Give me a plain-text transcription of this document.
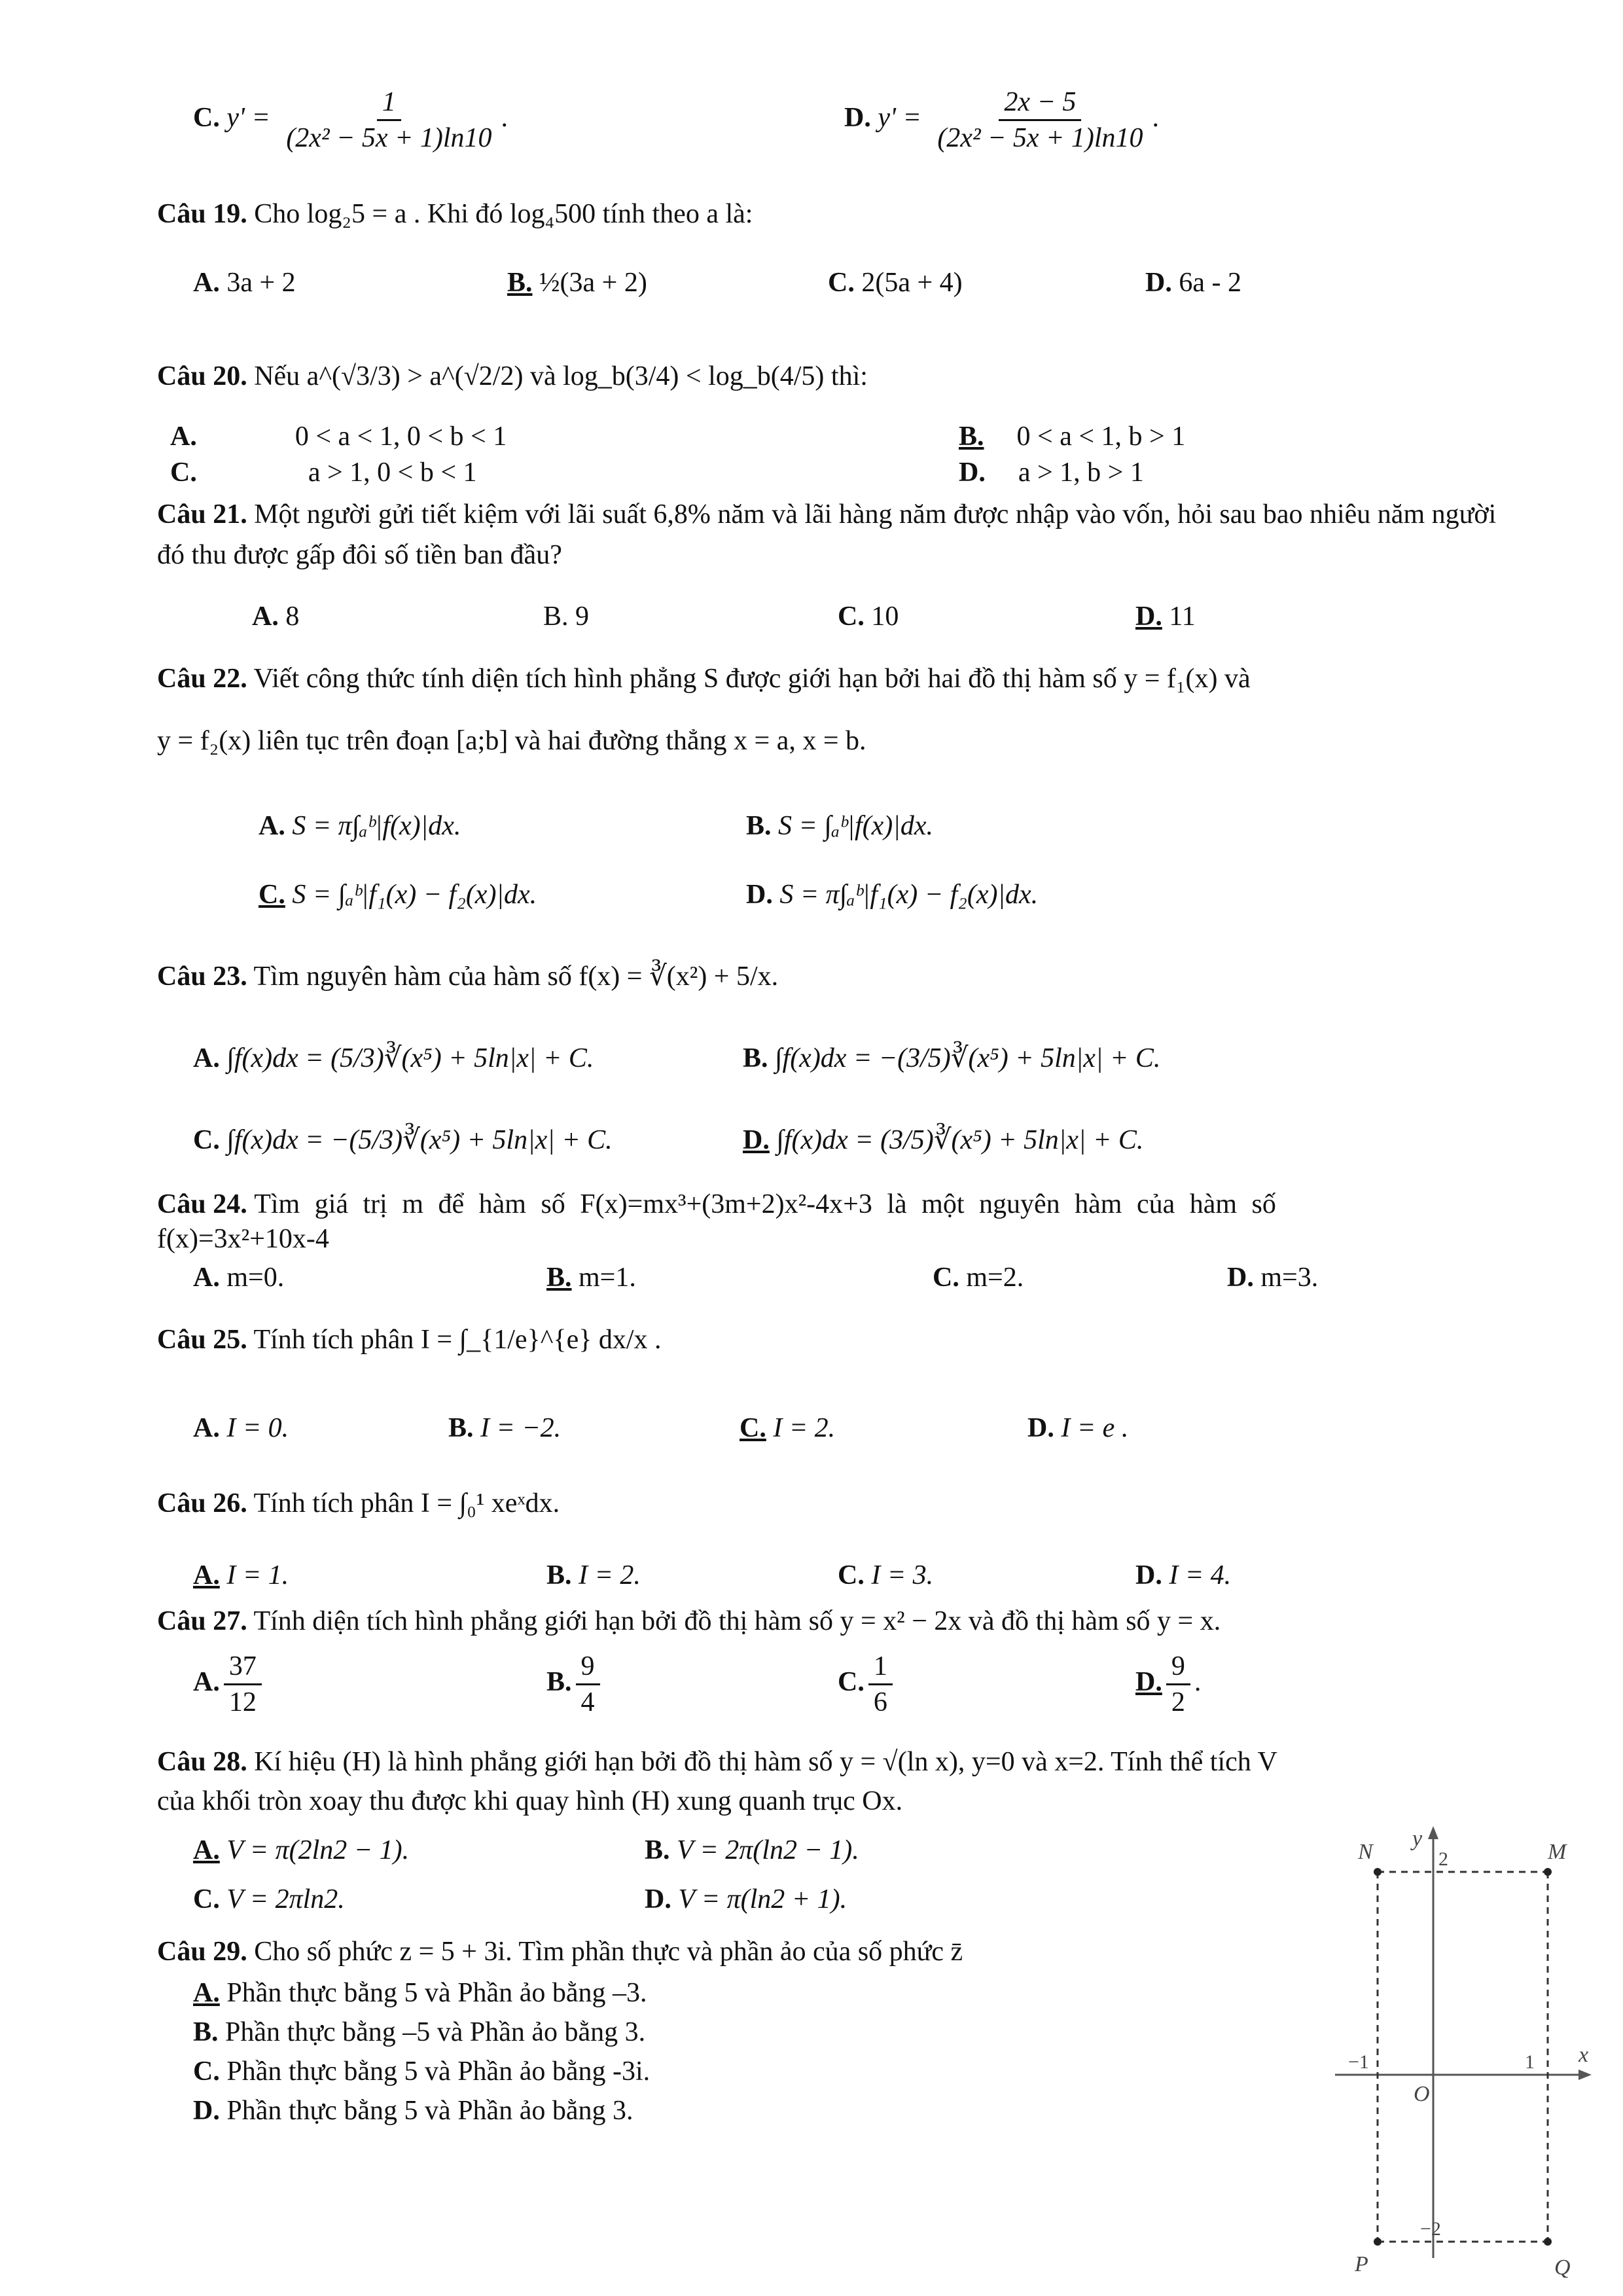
C. $y' = \frac{1}{\text{(2x² − 5x + 1)ln10}}$ .	D. $y' = \frac{2x - 5}{\text{(2x² − 5x + 1)ln10}}$ .
Câu 19. Cho log₂5 = a . Khi đó log₄500 tính theo a là:
A. 3a + 2	B. ½(3a + 2)	C. 2(5a + 4)	D. 6a - 2
Câu 20. Nếu a^(√3/3) > a^(√2/2) và log_b(3/4) < log_b(4/5) thì:
A.	0 < a < 1, 0 < b < 1	B. 0 < a < 1, b > 1
C.	a > 1, 0 < b < 1	D. a > 1, b > 1
Câu 21. Một người gửi tiết kiệm với lãi suất 6,8% năm và lãi hàng năm được nhập vào vốn, hỏi sau bao nhiêu năm người đó thu được gấp đôi số tiền ban đầu?
A. 8	B. 9	C. 10	D. 11
Câu 22. Viết công thức tính diện tích hình phẳng S được giới hạn bởi hai đồ thị hàm số y = f₁(x) và
y = f₂(x) liên tục trên đoạn [a;b] và hai đường thẳng x = a, x = b.
A. S = π∫ₐᵇ|f(x)|dx.	B. S = ∫ₐᵇ|f(x)|dx.
C. S = ∫ₐᵇ|f₁(x) − f₂(x)|dx.	D. S = π∫ₐᵇ|f₁(x) − f₂(x)|dx.
Câu 23. Tìm nguyên hàm của hàm số f(x) = ∛(x²) + 5/x.
A. ∫f(x)dx = (5/3)∛(x⁵) + 5ln|x| + C.	B. ∫f(x)dx = −(3/5)∛(x⁵) + 5ln|x| + C.
C. ∫f(x)dx = −(5/3)∛(x⁵) + 5ln|x| + C.	D. ∫f(x)dx = (3/5)∛(x⁵) + 5ln|x| + C.
Câu 24. Tìm giá trị m để hàm số F(x)=mx³+(3m+2)x²-4x+3 là một nguyên hàm của hàm số
f(x)=3x²+10x-4
A. m=0.	B. m=1.	C. m=2.	D. m=3.
Câu 25. Tính tích phân I = ∫_{1/e}^{e} dx/x .
A. I = 0.	B. I = −2.	C. I = 2.	D. I = e .
Câu 26. Tính tích phân I = ∫₀¹ xeˣdx.
A. I = 1.	B. I = 2.	C. I = 3.	D. I = 4.
Câu 27. Tính diện tích hình phẳng giới hạn bởi đồ thị hàm số y = x² − 2x và đồ thị hàm số y = x.
A. $\frac{37}{12}$	B. $\frac{9}{4}$	C. $\frac{1}{6}$	D. $\frac{9}{2}$ .
Câu 28. Kí hiệu (H) là hình phẳng giới hạn bởi đồ thị hàm số y = √(ln x), y=0 và x=2. Tính thể tích V
của khối tròn xoay thu được khi quay hình (H) xung quanh trục Ox.
A. V = π(2ln2 − 1).	B. V = 2π(ln2 − 1).
C. V = 2πln2.	D. V = π(ln2 + 1).
Câu 29. Cho số phức z = 5 + 3i. Tìm phần thực và phần ảo của số phức z̄
A. Phần thực bằng 5 và Phần ảo bằng –3.
B. Phần thực bằng –5 và Phần ảo bằng 3.
C. Phần thực bằng 5 và Phần ảo bằng -3i.
D. Phần thực bằng 5 và Phần ảo bằng 3.
y
x
O
N	M
P	Q
−1	1
2
−2
